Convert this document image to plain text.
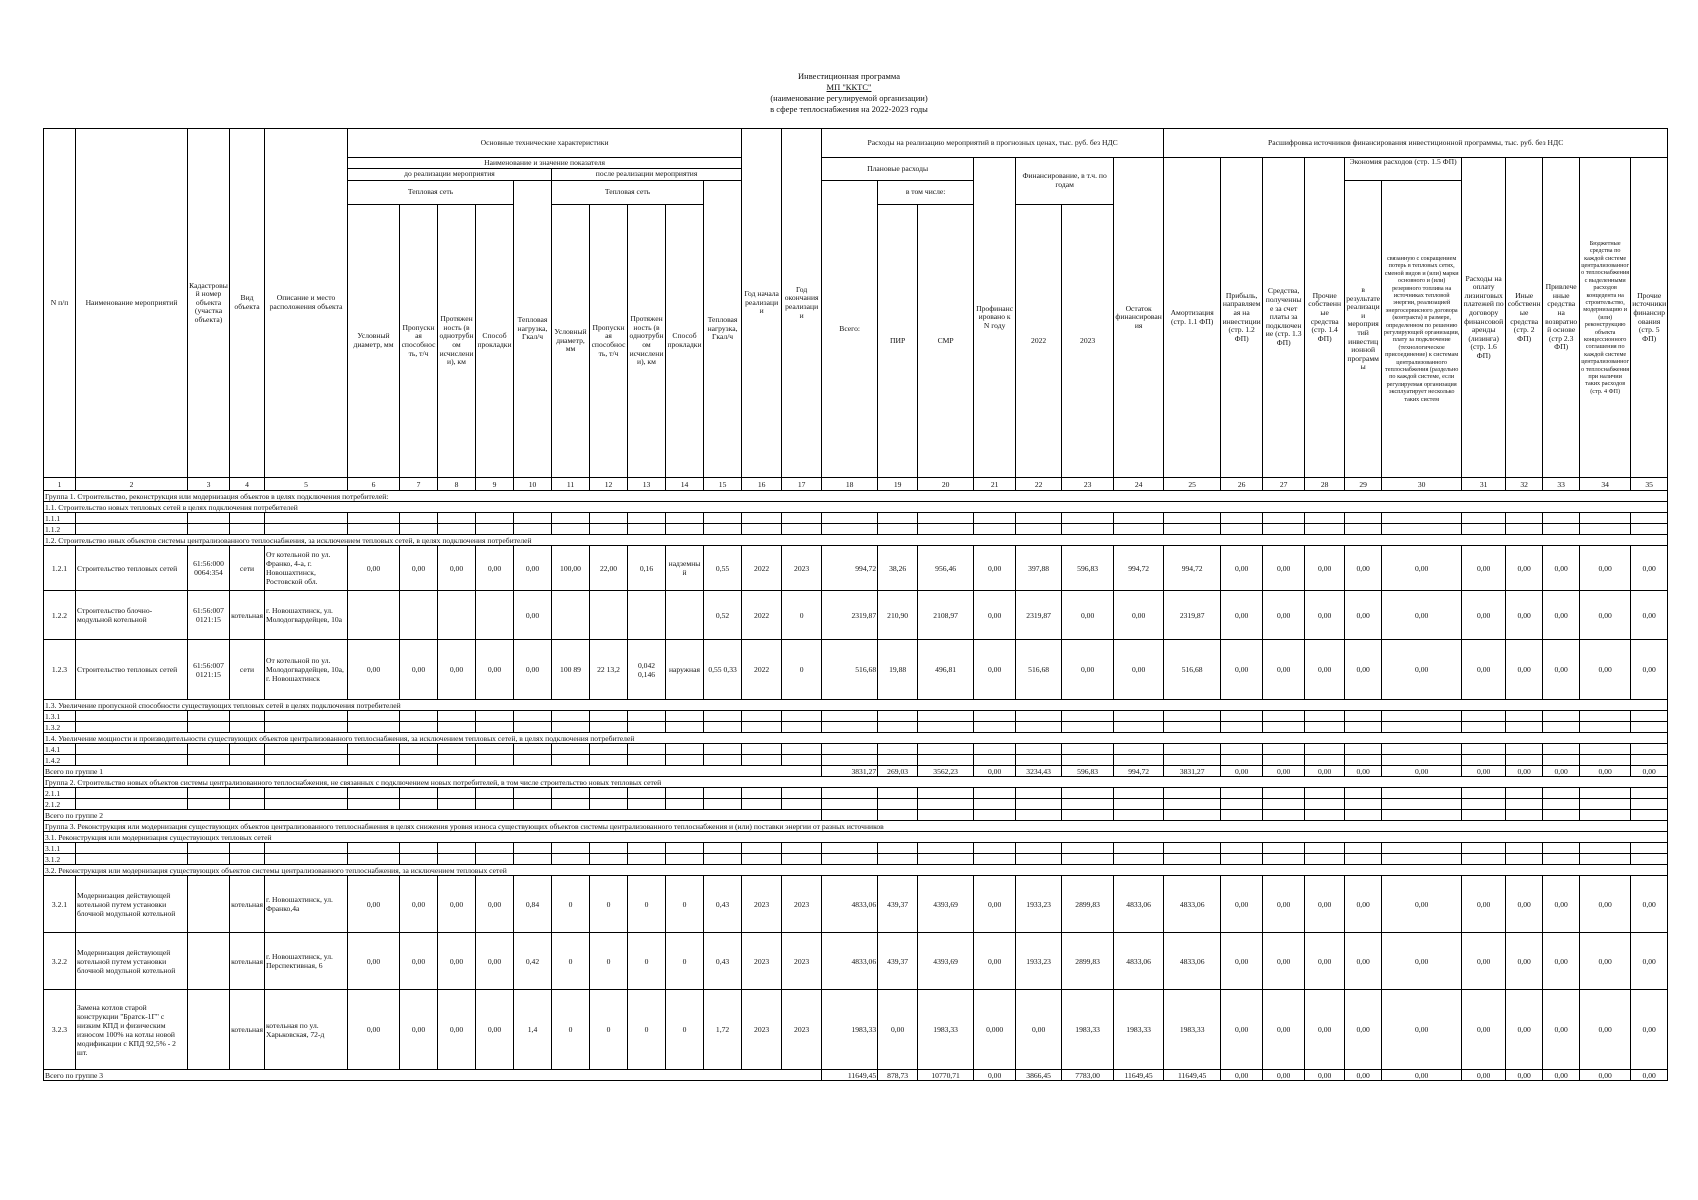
Инвестиционная программа
МП "ККТС"
(наименование регулируемой организации)
в сфере теплоснабжения на 2022-2023 годы
N п/п	Наименование мероприятий	Кадастровый номер объекта (участка объекта)	Вид объекта	Описание и место расположения объекта	Основные технические характеристики										Год начала реализации	Год окончания реализации	Расходы на реализацию мероприятий в прогнозных ценах, тыс. руб. без НДС							Расшифровка источников финансирования инвестиционной программы, тыс. руб. без НДС										
					Наименование и значение показателя												Плановые расходы			Профинансировано к N году	Финансирование, в т.ч. по годам		Остаток финансирования	Амортизация (стр. 1.1 ФП)	Прибыль, направляемая на инвестиции (стр. 1.2 ФП)	Средства, полученные за счет платы за подключение (стр. 1.3 ФП)	Прочие собственные средства (стр. 1.4 ФП)	Экономия расходов (стр. 1.5 ФП)		Расходы на оплату лизинговых платежей по договору финансовой аренды (лизинга) (стр. 1.6 ФП)	Иные собственные средства (стр. 2 ФП)	Привлеченные средства на возвратной основе (стр 2.3 ФП)	Бюджетные средства по каждой системе централизованного теплоснабжения с выделенными расходов концедента на строительство, модернизацию и (или) реконструкцию объекта концессионного соглашения по каждой системе централизованного теплоснабжения при наличии таких расходов (стр. 4 ФП)	Прочие источники финансирования (стр. 5 ФП)
					до реализации мероприятия					после реализации мероприятия																								
					Тепловая сеть				Тепловая нагрузка, Гкал/ч	Тепловая сеть				Тепловая нагрузка, Гкал/ч			Всего:	в том числе:										в результате реализации мероприятий инвестиционной программы	связанную с сокращением потерь в тепловых сетях, сменой видов и (или) марки основного и (или) резервного топлива на источниках тепловой энергии, реализацией энергосервисного договора (контракта) в размере, определенном по решению регулирующей организации, плату за подключение (технологическое присоединение) к системам централизованного теплоснабжения (раздельно по каждой системе, если регулируемая организация эксплуатирует несколько таких систем					
					Условный диаметр, мм	Пропускная способность, т/ч	Протяженность (в однотрубном исчислении), км	Способ прокладки		Условный диаметр, мм	Пропускная способность, т/ч	Протяженность (в однотрубном исчислении), км	Способ прокладки					ПИР	СМР		2022	2023												
1	2	3	4	5	6	7	8	9	10	11	12	13	14	15	16	17	18	19	20	21	22	23	24	25	26	27	28	29	30	31	32	33	34	35
Группа 1. Строительство, реконструкция или модернизация объектов в целях подключения потребителей:																																		
1.1. Строительство новых тепловых сетей в целях подключения потребителей																																		
1.1.1																																		
1.1.2																																		
1.2. Строительство иных объектов системы централизованного теплоснабжения, за исключением тепловых сетей, в целях подключения потребителей																																		
1.2.1	Строительство тепловых сетей	61:56:000 0064:354	сети	От котельной по ул. Франко, 4-а, г. Новошахтинск, Ростовской обл.	0,00	0,00	0,00	0,00	0,00	100,00	22,00	0,16	надземный	0,55	2022	2023	994,72	38,26	956,46	0,00	397,88	596,83	994,72	994,72	0,00	0,00	0,00	0,00	0,00	0,00	0,00	0,00	0,00	0,00
1.2.2	Строительство блочно-модульной котельной	61:56:007 0121:15	котельная	г. Новошахтинск, ул. Молодогвардейцев, 10а					0,00					0,52	2022	0	2319,87	210,90	2108,97	0,00	2319,87	0,00	0,00	2319,87	0,00	0,00	0,00	0,00	0,00	0,00	0,00	0,00	0,00	0,00
1.2.3	Строительство тепловых сетей	61:56:007 0121:15	сети	От котельной по ул. Молодогвардейцев, 10а, г. Новошахтинск	0,00	0,00	0,00	0,00	0,00	100 89	22 13,2	0,042 0,146	наружная	0,55 0,33	2022	0	516,68	19,88	496,81	0,00	516,68	0,00	0,00	516,68	0,00	0,00	0,00	0,00	0,00	0,00	0,00	0,00	0,00	0,00
1.3. Увеличение пропускной способности существующих тепловых сетей в целях подключения потребителей																																		
1.3.1																																		
1.3.2																																		
1.4. Увеличение мощности и производительности существующих объектов централизованного теплоснабжения, за исключением тепловых сетей, в целях подключения потребителей																																		
1.4.1																																		
1.4.2																																		
Всего по группе 1																	3831,27	269,03	3562,23	0,00	3234,43	596,83	994,72	3831,27	0,00	0,00	0,00	0,00	0,00	0,00	0,00	0,00	0,00	0,00
Группа 2. Строительство новых объектов системы централизованного теплоснабжения, не связанных с подключением новых потребителей, в том числе строительство новых тепловых сетей																																		
2.1.1																																		
2.1.2																																		
Всего по группе 2																																		
Группа 3. Реконструкция или модернизация существующих объектов централизованного теплоснабжения в целях снижения уровня износа существующих объектов системы централизованного теплоснабжения и (или) поставки энергии от разных источников																																		
3.1. Реконструкция или модернизация существующих тепловых сетей																																		
3.1.1																																		
3.1.2																																		
3.2. Реконструкция или модернизация существующих объектов системы централизованного теплоснабжения, за исключением тепловых сетей																																		
3.2.1	Модернизация действующей котельной путем установки блочной модульной котельной		котельная	г. Новошахтинск, ул. Франко,4а	0,00	0,00	0,00	0,00	0,84	0	0	0	0	0,43	2023	2023	4833,06	439,37	4393,69	0,00	1933,23	2899,83	4833,06	4833,06	0,00	0,00	0,00	0,00	0,00	0,00	0,00	0,00	0,00	0,00
3.2.2	Модернизация действующей котельной путем установки блочной модульной котельной		котельная	г. Новошахтинск, ул. Перспективная, 6	0,00	0,00	0,00	0,00	0,42	0	0	0	0	0,43	2023	2023	4833,06	439,37	4393,69	0,00	1933,23	2899,83	4833,06	4833,06	0,00	0,00	0,00	0,00	0,00	0,00	0,00	0,00	0,00	0,00
3.2.3	Замена котлов старой конструкции "Братск-1Г" с низким КПД и физическим износом 100% на котлы новой модификации с КПД 92,5% - 2 шт.		котельная	котельная по ул. Харьковская, 72-д	0,00	0,00	0,00	0,00	1,4	0	0	0	0	1,72	2023	2023	1983,33	0,00	1983,33	0,000	0,00	1983,33	1983,33	1983,33	0,00	0,00	0,00	0,00	0,00	0,00	0,00	0,00	0,00	0,00
Всего по группе 3																	11649,45	878,73	10770,71	0,00	3866,45	7783,00	11649,45	11649,45	0,00	0,00	0,00	0,00	0,00	0,00	0,00	0,00	0,00	0,00
